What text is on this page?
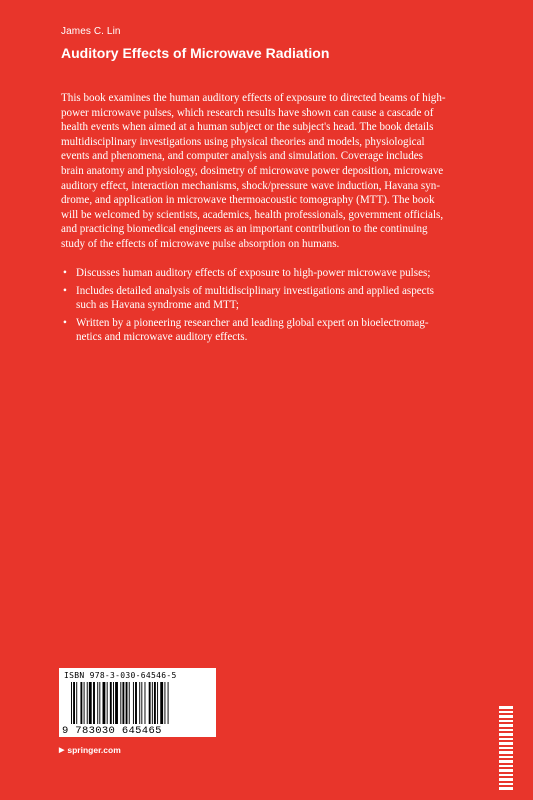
James C. Lin
Auditory Effects of Microwave Radiation
This book examines the human auditory effects of exposure to directed beams of high-
power microwave pulses, which research results have shown can cause a cascade of
health events when aimed at a human subject or the subject's head. The book details
multidisciplinary investigations using physical theories and models, physiological
events and phenomena, and computer analysis and simulation. Coverage includes
brain anatomy and physiology, dosimetry of microwave power deposition, microwave
auditory effect, interaction mechanisms, shock/pressure wave induction, Havana syn-
drome, and application in microwave thermoacoustic tomography (MTT). The book
will be welcomed by scientists, academics, health professionals, government officials,
and practicing biomedical engineers as an important contribution to the continuing
study of the effects of microwave pulse absorption on humans.
• Discusses human auditory effects of exposure to high-power microwave pulses;
• Includes detailed analysis of multidisciplinary investigations and applied aspects
such as Havana syndrome and MTT;
• Written by a pioneering researcher and leading global expert on bioelectromag-
netics and microwave auditory effects.
ISBN 978-3-030-64546-5
9 783030 645465
▶ springer.com
